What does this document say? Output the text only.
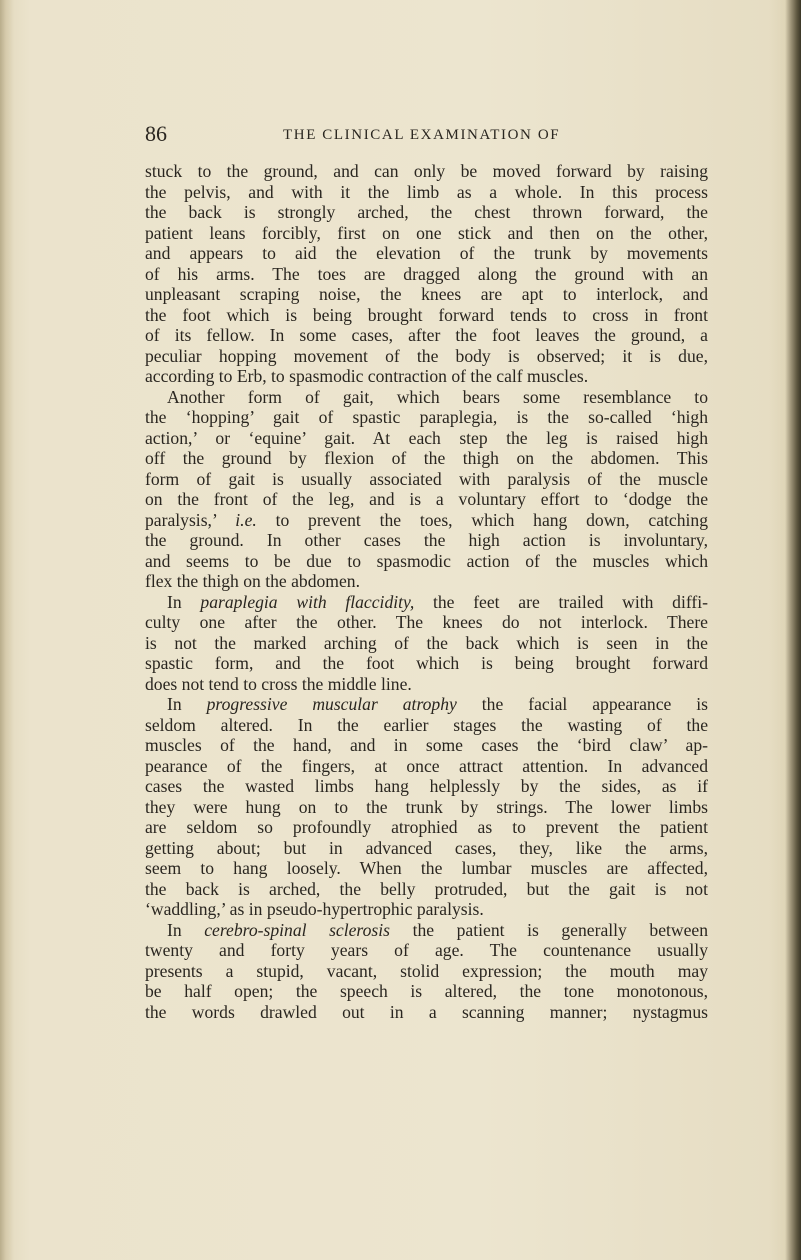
86	THE CLINICAL EXAMINATION OF
stuck to the ground, and can only be moved forward by raising
the pelvis, and with it the limb as a whole. In this process
the back is strongly arched, the chest thrown forward, the
patient leans forcibly, first on one stick and then on the other,
and appears to aid the elevation of the trunk by movements
of his arms. The toes are dragged along the ground with an
unpleasant scraping noise, the knees are apt to interlock, and
the foot which is being brought forward tends to cross in front
of its fellow. In some cases, after the foot leaves the ground, a
peculiar hopping movement of the body is observed; it is due,
according to Erb, to spasmodic contraction of the calf muscles.
Another form of gait, which bears some resemblance to
the ‘hopping’ gait of spastic paraplegia, is the so-called ‘high
action,’ or ‘equine’ gait. At each step the leg is raised high
off the ground by flexion of the thigh on the abdomen. This
form of gait is usually associated with paralysis of the muscle
on the front of the leg, and is a voluntary effort to ‘dodge the
paralysis,’ i.e. to prevent the toes, which hang down, catching
the ground. In other cases the high action is involuntary,
and seems to be due to spasmodic action of the muscles which
flex the thigh on the abdomen.
In paraplegia with flaccidity, the feet are trailed with diffi-
culty one after the other. The knees do not interlock. There
is not the marked arching of the back which is seen in the
spastic form, and the foot which is being brought forward
does not tend to cross the middle line.
In progressive muscular atrophy the facial appearance is
seldom altered. In the earlier stages the wasting of the
muscles of the hand, and in some cases the ‘bird claw’ ap-
pearance of the fingers, at once attract attention. In advanced
cases the wasted limbs hang helplessly by the sides, as if
they were hung on to the trunk by strings. The lower limbs
are seldom so profoundly atrophied as to prevent the patient
getting about; but in advanced cases, they, like the arms,
seem to hang loosely. When the lumbar muscles are affected,
the back is arched, the belly protruded, but the gait is not
‘waddling,’ as in pseudo-hypertrophic paralysis.
In cerebro-spinal sclerosis the patient is generally between
twenty and forty years of age. The countenance usually
presents a stupid, vacant, stolid expression; the mouth may
be half open; the speech is altered, the tone monotonous,
the words drawled out in a scanning manner; nystagmus
